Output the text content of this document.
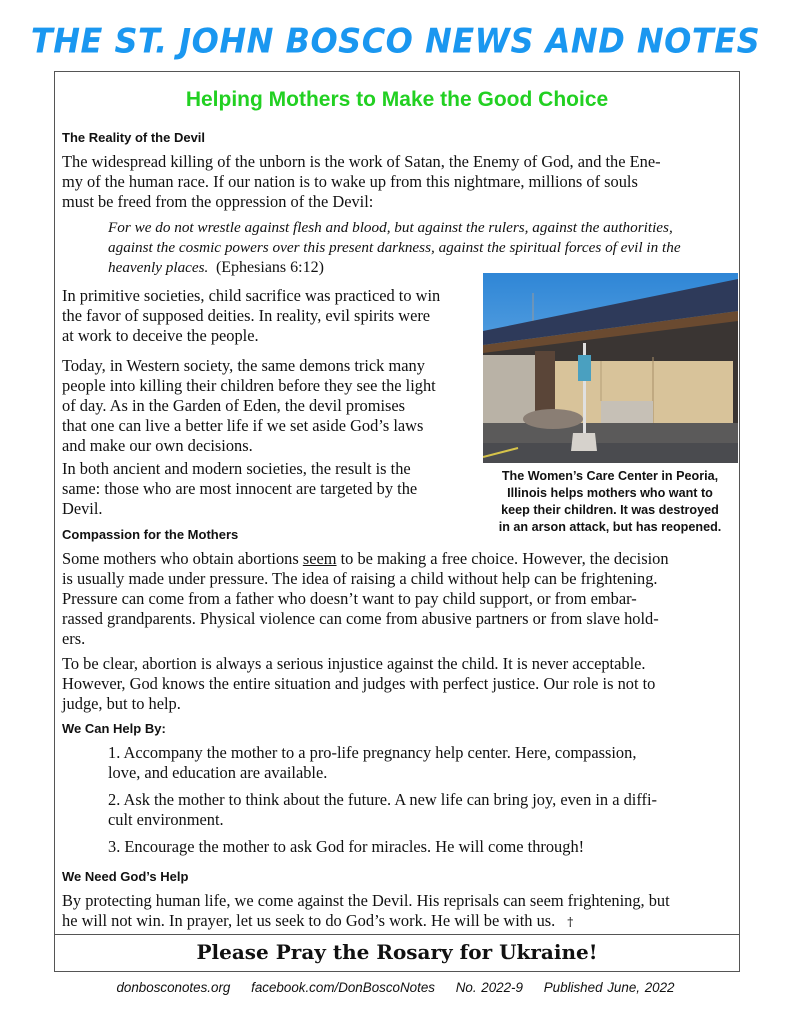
THE ST. JOHN BOSCO NEWS AND NOTES
Helping Mothers to Make the Good Choice
The Reality of the Devil
The widespread killing of the unborn is the work of Satan, the Enemy of God, and the Ene-
my of the human race. If our nation is to wake up from this nightmare, millions of souls
must be freed from the oppression of the Devil:
For we do not wrestle against flesh and blood, but against the rulers, against the authorities,
against the cosmic powers over this present darkness, against the spiritual forces of evil in the
heavenly places. (Ephesians 6:12)
In primitive societies, child sacrifice was practiced to win
the favor of supposed deities. In reality, evil spirits were
at work to deceive the people.
Today, in Western society, the same demons trick many
people into killing their children before they see the light
of day. As in the Garden of Eden, the devil promises
that one can live a better life if we set aside God’s laws
and make our own decisions.
In both ancient and modern societies, the result is the
same: those who are most innocent are targeted by the
Devil.
The Women’s Care Center in Peoria,
Illinois helps mothers who want to
keep their children. It was destroyed
in an arson attack, but has reopened.
Compassion for the Mothers
Some mothers who obtain abortions seem to be making a free choice. However, the decision
is usually made under pressure. The idea of raising a child without help can be frightening.
Pressure can come from a father who doesn’t want to pay child support, or from embar-
rassed grandparents. Physical violence can come from abusive partners or from slave hold-
ers.
To be clear, abortion is always a serious injustice against the child. It is never acceptable.
However, God knows the entire situation and judges with perfect justice. Our role is not to
judge, but to help.
We Can Help By:
1. Accompany the mother to a pro-life pregnancy help center. Here, compassion,
love, and education are available.
2. Ask the mother to think about the future. A new life can bring joy, even in a diffi-
cult environment.
3. Encourage the mother to ask God for miracles. He will come through!
We Need God’s Help
By protecting human life, we come against the Devil. His reprisals can seem frightening, but
he will not win. In prayer, let us seek to do God’s work. He will be with us. †
Please Pray the Rosary for Ukraine!
donbosconotes.org facebook.com/DonBoscoNotes No. 2022-9 Published June, 2022
